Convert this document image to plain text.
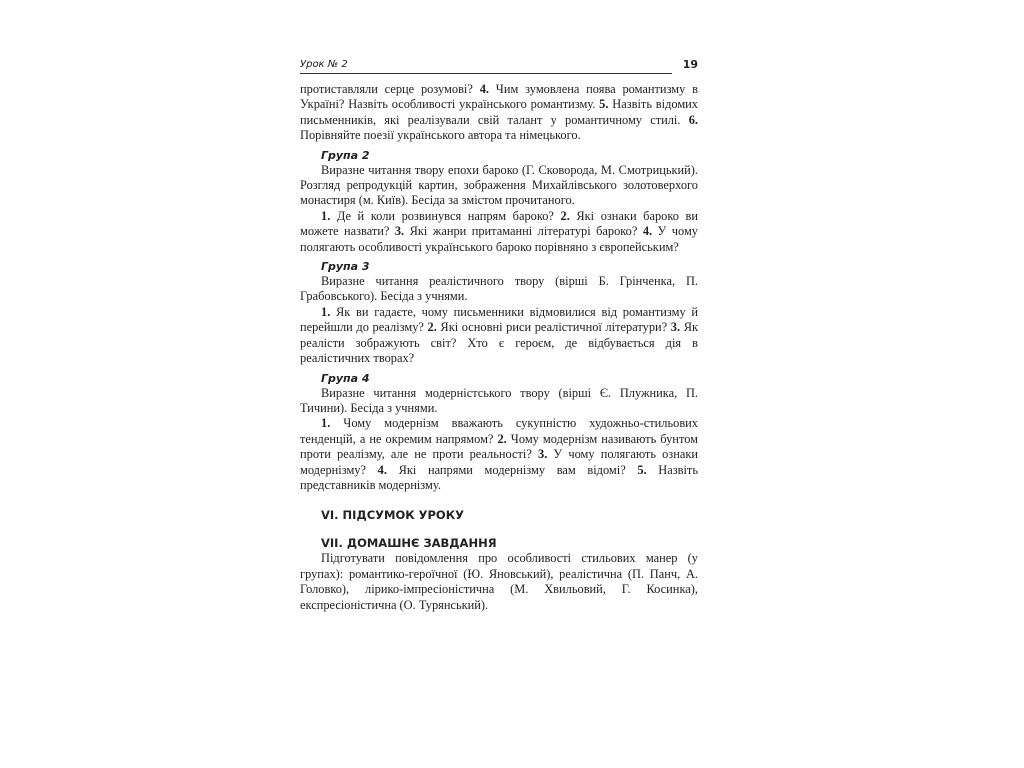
Урок № 2	19

протиставляли серце розумові? 4. Чим зумовлена поява романтизму в Україні? Назвіть особливості українського романтизму. 5. Назвіть відомих письменників, які реалізували свій талант у романтичному стилі. 6. Порівняйте поезії українського автора та німецького.

Група 2

Виразне читання твору епохи бароко (Г. Сковорода, М. Смотрицький). Розгляд репродукцій картин, зображення Михайлівського золотоверхого монастиря (м. Київ). Бесіда за змістом прочитаного.

1. Де й коли розвинувся напрям бароко? 2. Які ознаки бароко ви можете назвати? 3. Які жанри притаманні літературі бароко? 4. У чому полягають особливості українського бароко порівняно з європейським?

Група 3

Виразне читання реалістичного твору (вірші Б. Грінченка, П. Грабовського). Бесіда з учнями.

1. Як ви гадаєте, чому письменники відмовилися від романтизму й перейшли до реалізму? 2. Які основні риси реалістичної літератури? 3. Як реалісти зображують світ? Хто є героєм, де відбувається дія в реалістичних творах?

Група 4

Виразне читання модерністського твору (вірші Є. Плужника, П. Тичини). Бесіда з учнями.

1. Чому модернізм вважають сукупністю художньо-стильових тенденцій, а не окремим напрямом? 2. Чому модернізм називають бунтом проти реалізму, але не проти реальності? 3. У чому полягають ознаки модернізму? 4. Які напрями модернізму вам відомі? 5. Назвіть представників модернізму.

VI. ПІДСУМОК УРОКУ
VII. ДОМАШНЄ ЗАВДАННЯ

Підготувати повідомлення про особливості стильових манер (у групах): романтико-героїчної (Ю. Яновський), реалістична (П. Панч, А. Головко), лірико-імпресіоністична (М. Хвильовий, Г. Косинка), експресіоністична (О. Турянський).
